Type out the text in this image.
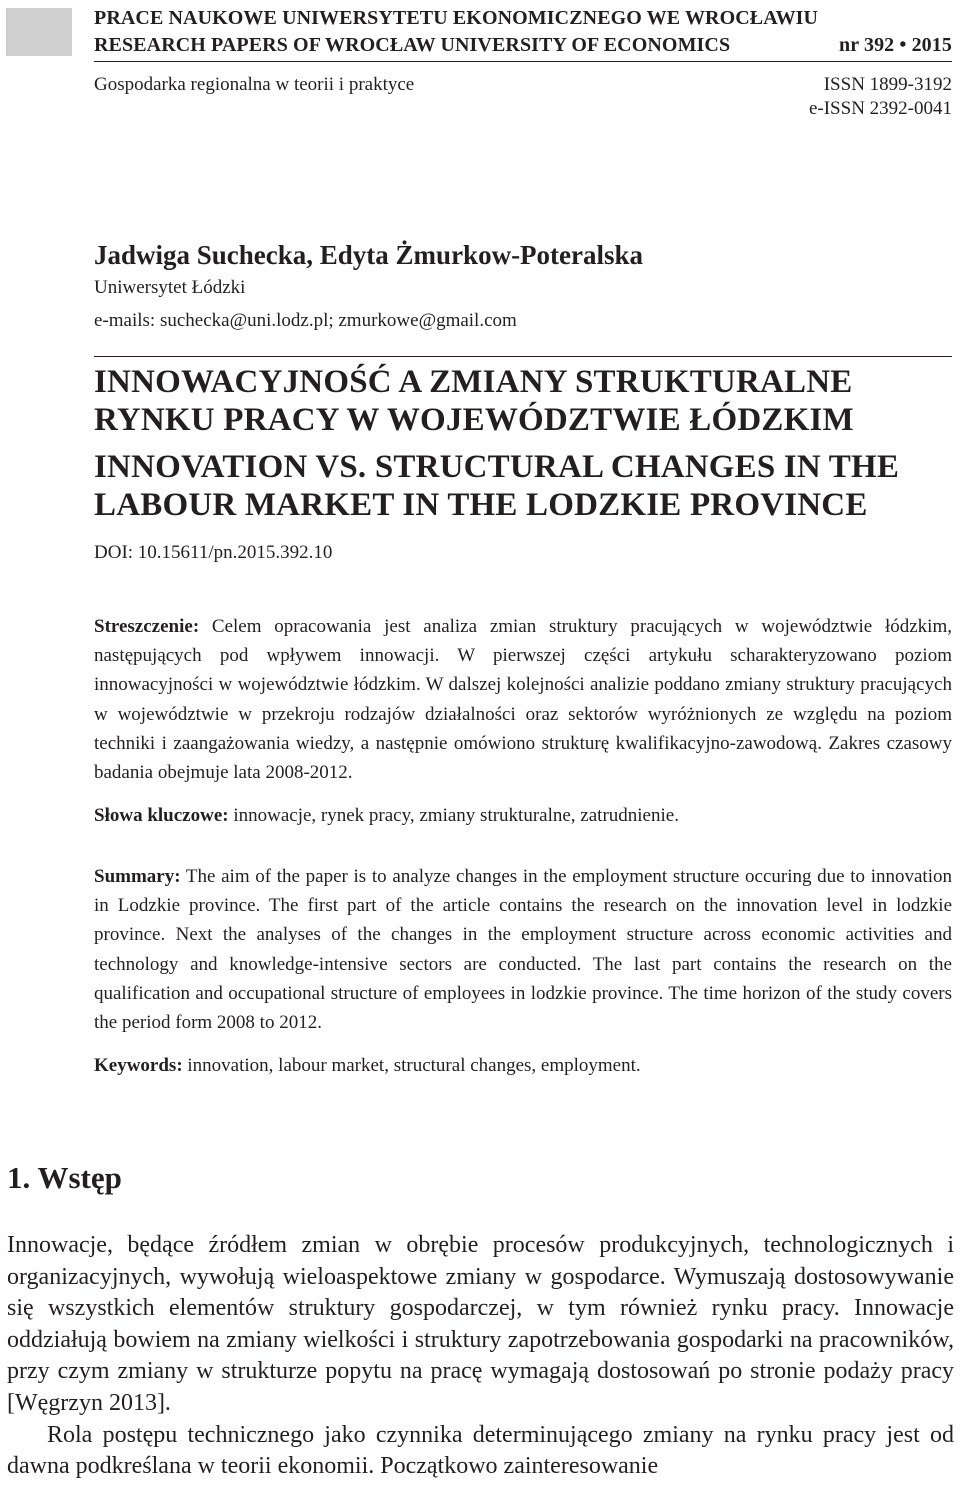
PRACE NAUKOWE UNIWERSYTETU EKONOMICZNEGO WE WROCŁAWIU
RESEARCH PAPERS OF WROCŁAW UNIVERSITY OF ECONOMICS	nr 392 • 2015
Gospodarka regionalna w teorii i praktyce	ISSN 1899-3192
e-ISSN 2392-0041
Jadwiga Suchecka, Edyta Żmurkow-Poteralska
Uniwersytet Łódzki
e-mails: suchecka@uni.lodz.pl; zmurkowe@gmail.com
INNOWACYJNOŚĆ A ZMIANY STRUKTURALNE RYNKU PRACY W WOJEWÓDZTWIE ŁÓDZKIM
INNOVATION VS. STRUCTURAL CHANGES IN THE LABOUR MARKET IN THE LODZKIE PROVINCE
DOI: 10.15611/pn.2015.392.10
Streszczenie: Celem opracowania jest analiza zmian struktury pracujących w województwie łódzkim, następujących pod wpływem innowacji. W pierwszej części artykułu scharakteryzowano poziom innowacyjności w województwie łódzkim. W dalszej kolejności analizie poddano zmiany struktury pracujących w województwie w przekroju rodzajów działalności oraz sektorów wyróżnionych ze względu na poziom techniki i zaangażowania wiedzy, a następnie omówiono strukturę kwalifikacyjno-zawodową. Zakres czasowy badania obejmuje lata 2008-2012.
Słowa kluczowe: innowacje, rynek pracy, zmiany strukturalne, zatrudnienie.
Summary: The aim of the paper is to analyze changes in the employment structure occuring due to innovation in Lodzkie province. The first part of the article contains the research on the innovation level in lodzkie province. Next the analyses of the changes in the employment structure across economic activities and technology and knowledge-intensive sectors are conducted. The last part contains the research on the qualification and occupational structure of employees in lodzkie province. The time horizon of the study covers the period form 2008 to 2012.
Keywords: innovation, labour market, structural changes, employment.
1. Wstęp

Innowacje, będące źródłem zmian w obrębie procesów produkcyjnych, technologicznych i organizacyjnych, wywołują wieloaspektowe zmiany w gospodarce. Wymuszają dostosowywanie się wszystkich elementów struktury gospodarczej, w tym również rynku pracy. Innowacje oddziałują bowiem na zmiany wielkości i struktury zapotrzebowania gospodarki na pracowników, przy czym zmiany w strukturze popytu na pracę wymagają dostosowań po stronie podaży pracy [Węgrzyn 2013].

Rola postępu technicznego jako czynnika determinującego zmiany na rynku pracy jest od dawna podkreślana w teorii ekonomii. Początkowo zainteresowanie
